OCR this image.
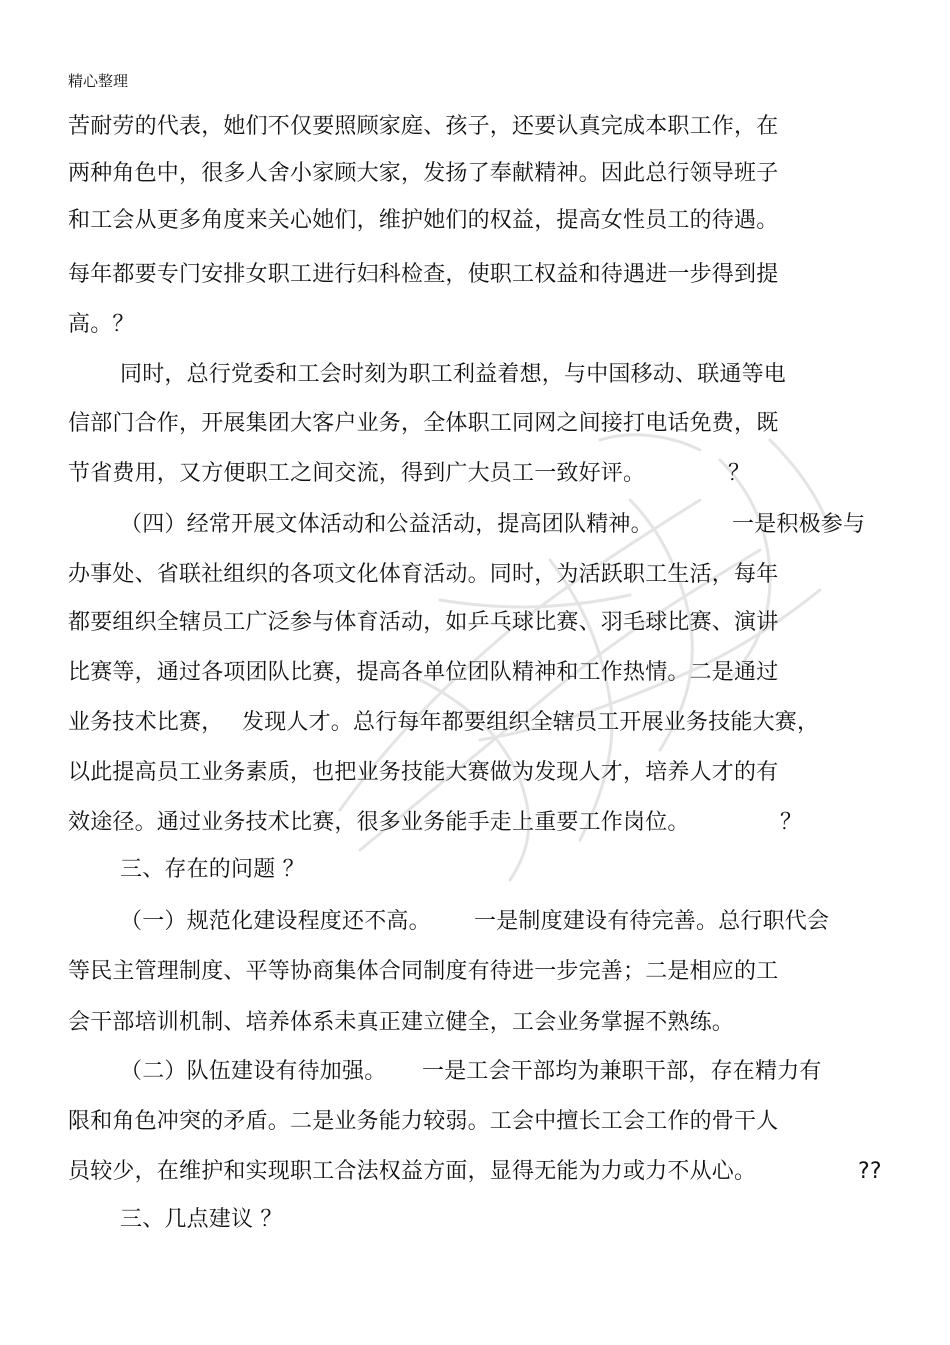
精心整理
苦耐劳的代表，她们不仅要照顾家庭、孩子，还要认真完成本职工作，在
两种角色中，很多人舍小家顾大家，发扬了奉献精神。因此总行领导班子
和工会从更多角度来关心她们，维护她们的权益，提高女性员工的待遇。
每年都要专门安排女职工进行妇科检查，使职工权益和待遇进一步得到提
高。？
同时，总行党委和工会时刻为职工利益着想，与中国移动、联通等电
信部门合作，开展集团大客户业务，全体职工同网之间接打电话免费，既
节省费用，又方便职工之间交流，得到广大员工一致好评。	？
（四）经常开展文体活动和公益活动，提高团队精神。	一是积极参与
办事处、省联社组织的各项文化体育活动。同时，为活跃职工生活，每年
都要组织全辖员工广泛参与体育活动，如乒乓球比赛、羽毛球比赛、演讲
比赛等，通过各项团队比赛，提高各单位团队精神和工作热情。二是通过
业务技术比赛， 发现人才。总行每年都要组织全辖员工开展业务技能大赛，
以此提高员工业务素质，也把业务技能大赛做为发现人才，培养人才的有
效途径。通过业务技术比赛，很多业务能手走上重要工作岗位。	？
三、存在的问题 ？
（一）规范化建设程度还不高。 一是制度建设有待完善。总行职代会
等民主管理制度、平等协商集体合同制度有待进一步完善；二是相应的工
会干部培训机制、培养体系未真正建立健全，工会业务掌握不熟练。
（二）队伍建设有待加强。 一是工会干部均为兼职干部，存在精力有
限和角色冲突的矛盾。二是业务能力较弱。工会中擅长工会工作的骨干人
员较少，在维护和实现职工合法权益方面，显得无能为力或力不从心。	??
三、几点建议 ？
